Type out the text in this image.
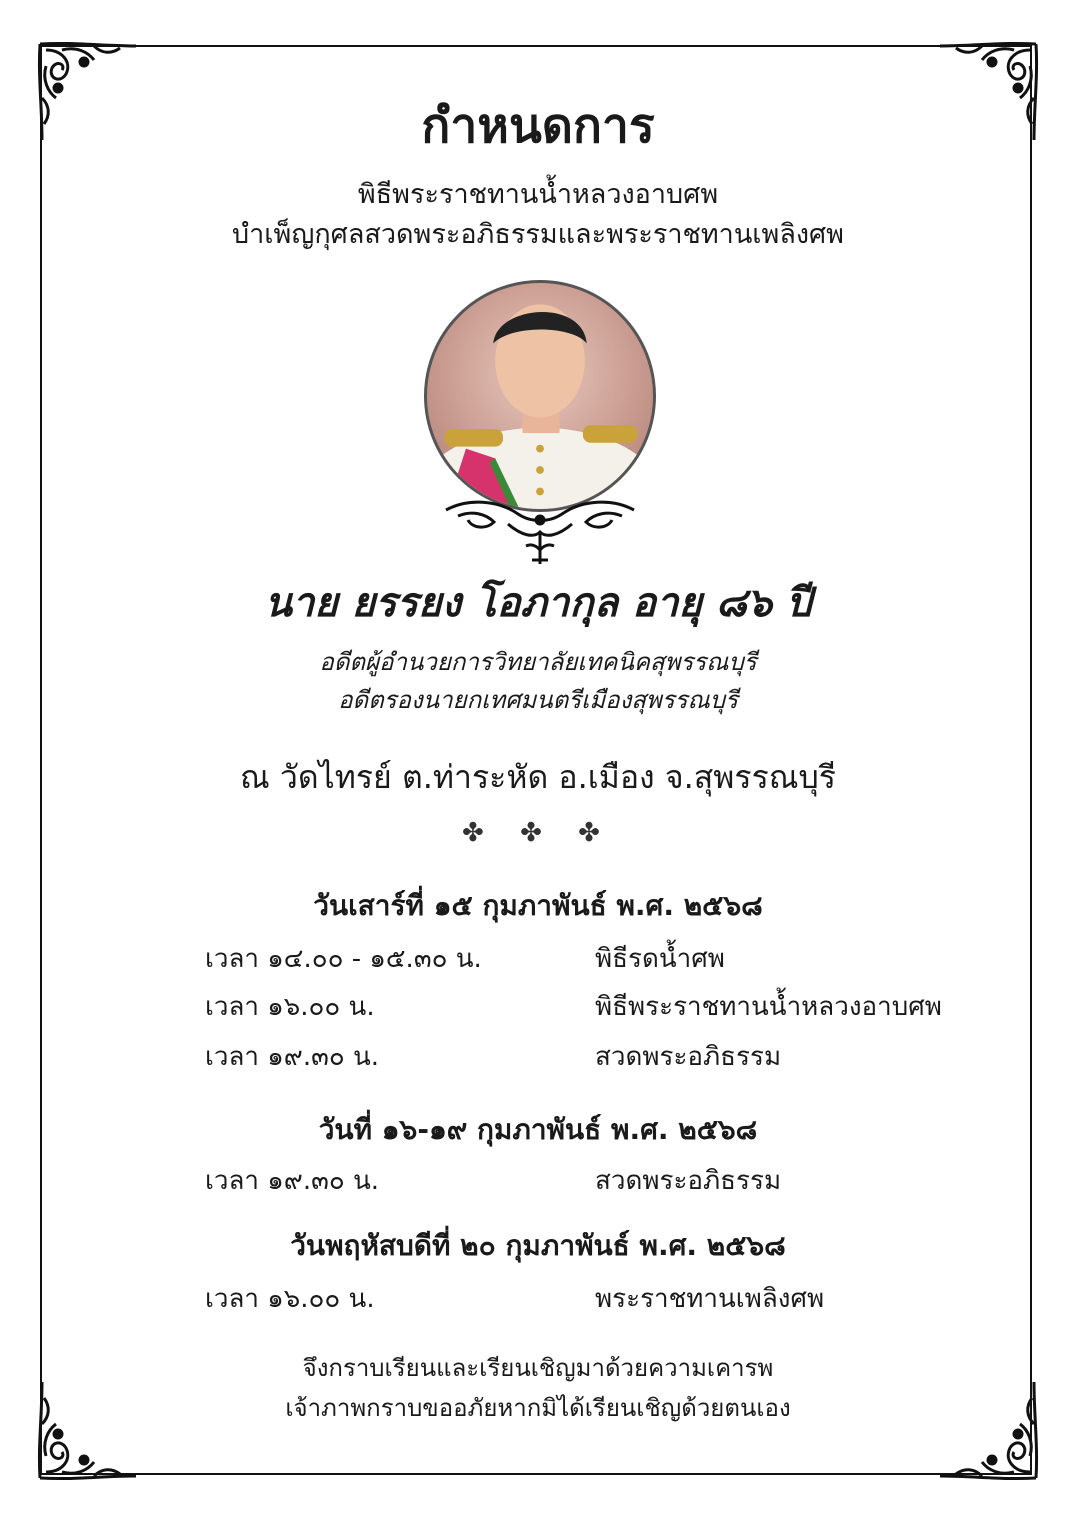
กำหนดการ
พิธีพระราชทานน้ำหลวงอาบศพ
บำเพ็ญกุศลสวดพระอภิธรรมและพระราชทานเพลิงศพ
นาย ยรรยง โอภากุล อายุ ๘๖ ปี
อดีตผู้อำนวยการวิทยาลัยเทคนิคสุพรรณบุรี
อดีตรองนายกเทศมนตรีเมืองสุพรรณบุรี
ณ วัดไทรย์ ต.ท่าระหัด อ.เมือง จ.สุพรรณบุรี
✤ ✤ ✤
วันเสาร์ที่ ๑๕ กุมภาพันธ์ พ.ศ. ๒๕๖๘
เวลา ๑๔.๐๐ - ๑๕.๓๐ น.	พิธีรดน้ำศพ
เวลา ๑๖.๐๐ น.	พิธีพระราชทานน้ำหลวงอาบศพ
เวลา ๑๙.๓๐ น.	สวดพระอภิธรรม
วันที่ ๑๖-๑๙ กุมภาพันธ์ พ.ศ. ๒๕๖๘
เวลา ๑๙.๓๐ น.	สวดพระอภิธรรม
วันพฤหัสบดีที่ ๒๐ กุมภาพันธ์ พ.ศ. ๒๕๖๘
เวลา ๑๖.๐๐ น.	พระราชทานเพลิงศพ
จึงกราบเรียนและเรียนเชิญมาด้วยความเคารพ
เจ้าภาพกราบขออภัยหากมิได้เรียนเชิญด้วยตนเอง
